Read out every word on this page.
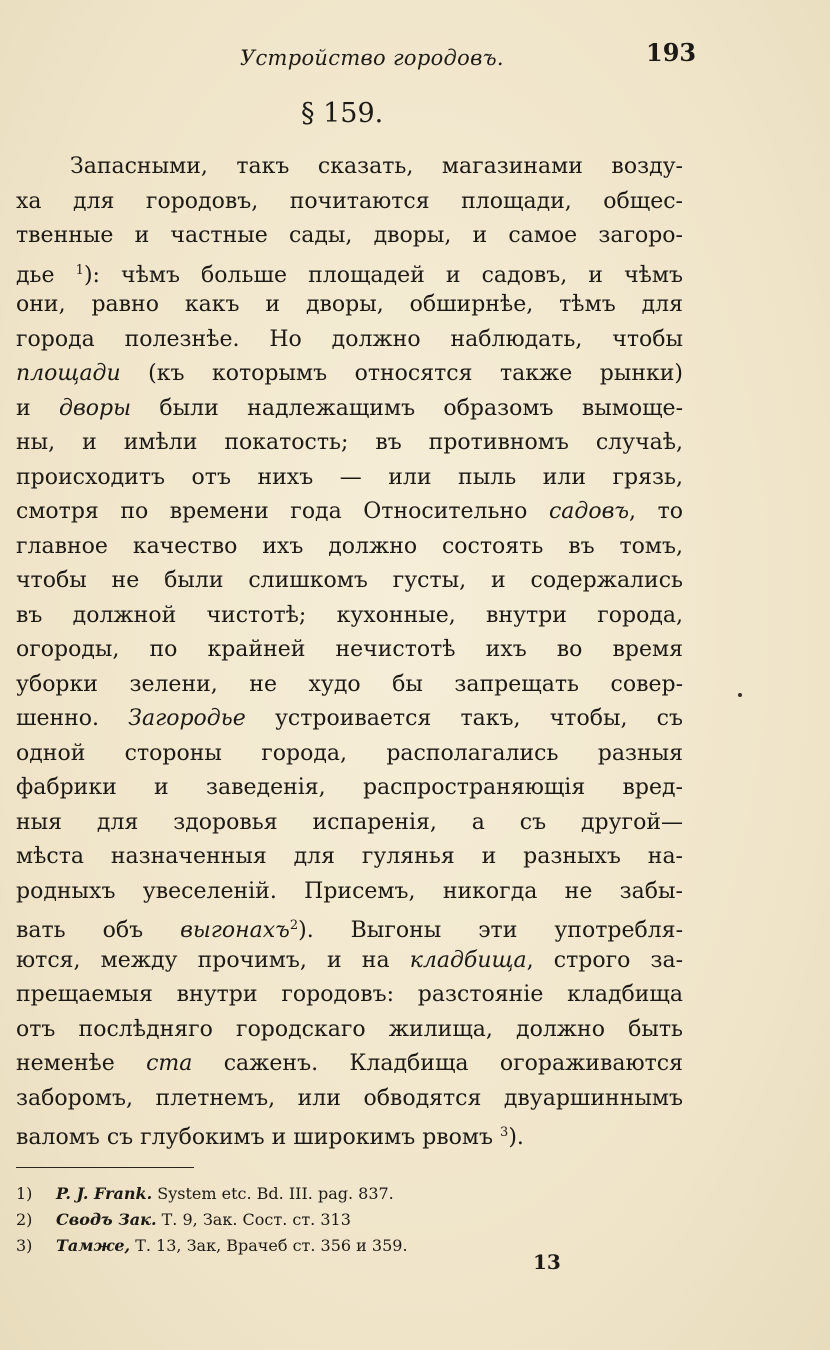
Устройство городовъ.	193
§ 159.
Запасными, такъ сказать, магазинами возду-
ха для городовъ, почитаются площади, общес-
твенные и частные сады, дворы, и самое загоро-
дье $^1$): чѣмъ больше площадей и садовъ, и чѣмъ
они, равно какъ и дворы, обширнѣе, тѣмъ для
города полезнѣе. Но должно наблюдать, чтобы
площади (къ которымъ относятся также рынки)
и дворы были надлежащимъ образомъ вымоще-
ны, и имѣли покатость; въ противномъ случаѣ,
происходитъ отъ нихъ — или пыль или грязь,
смотря по времени года Относительно садовъ, то
главное качество ихъ должно состоять въ томъ,
чтобы не были слишкомъ густы, и содержались
въ должной чистотѣ; кухонные, внутри города,
огороды, по крайней нечистотѣ ихъ во время
уборки зелени, не худо бы запрещать совер-
шенно. Загородье устроивается такъ, чтобы, съ
одной стороны города, располагались разныя
фабрики и заведенія, распространяющія вред-
ныя для здоровья испаренія, а съ другой—
мѣста назначенныя для гулянья и разныхъ на-
родныхъ увеселеній. Присемъ, никогда не забы-
вать объ выгонахъ$^2$). Выгоны эти употребля-
ются, между прочимъ, и на кладбища, строго за-
прещаемыя внутри городовъ: разстояніе кладбища
отъ послѣдняго городскаго жилища, должно быть
неменѣе ста саженъ. Кладбища огораживаются
заборомъ, плетнемъ, или обводятся двуаршиннымъ
валомъ съ глубокимъ и широкимъ рвомъ $^3$).
1) P. J. Frank. System etc. Bd. III. pag. 837.
2) Сводъ Зак. Т. 9, Зак. Сост. ст. 313
3) Тамже, Т. 13, Зак, Врачеб ст. 356 и 359.
13
